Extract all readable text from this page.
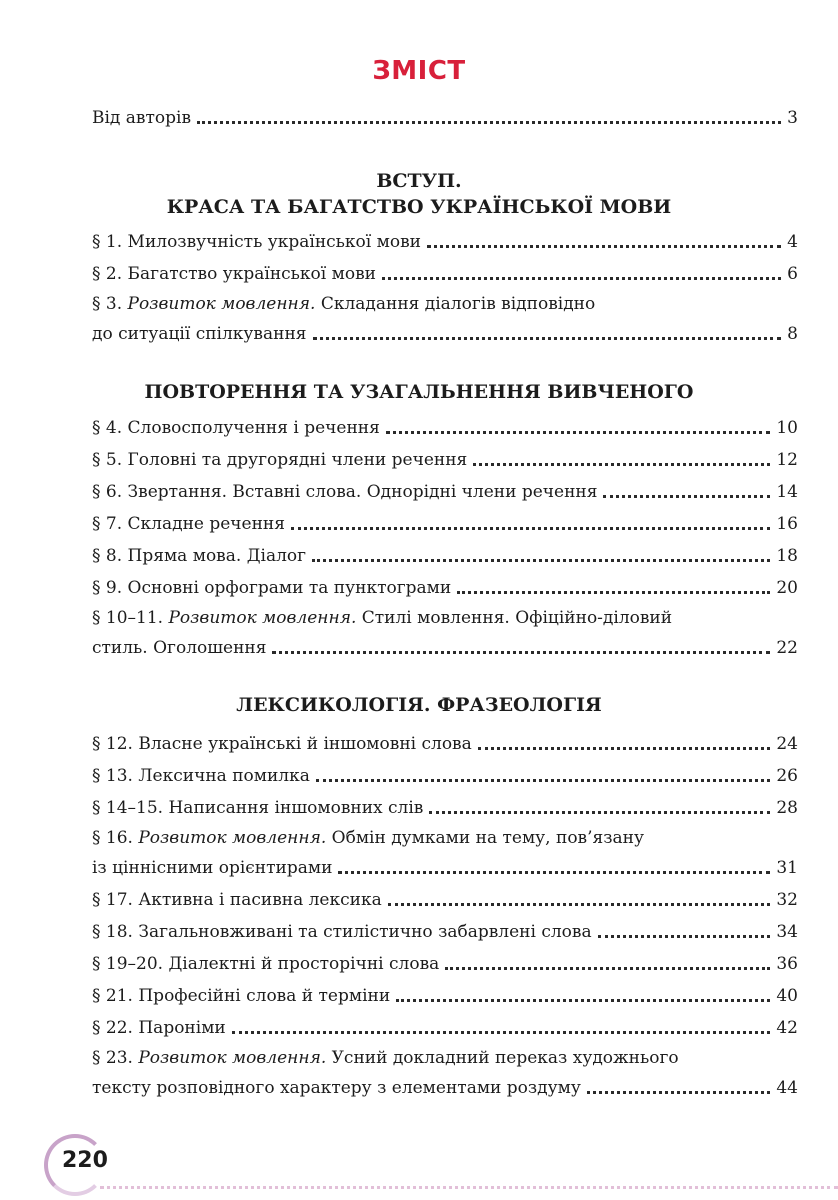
ЗМІСТ
Від авторів	3
ВСТУП.
КРАСА ТА БАГАТСТВО УКРАЇНСЬКОЇ МОВИ
§ 1. Милозвучність української мови	4
§ 2. Багатство української мови	6
§ 3. Розвиток мовлення. Складання діалогів відповідно
до ситуації спілкування	8
ПОВТОРЕННЯ ТА УЗАГАЛЬНЕННЯ ВИВЧЕНОГО
§ 4. Словосполучення і речення	10
§ 5. Головні та другорядні члени речення	12
§ 6. Звертання. Вставні слова. Однорідні члени речення	14
§ 7. Складне речення	16
§ 8. Пряма мова. Діалог	18
§ 9. Основні орфограми та пунктограми	20
§ 10–11. Розвиток мовлення. Стилі мовлення. Офіційно-діловий
стиль. Оголошення	22
ЛЕКСИКОЛОГІЯ. ФРАЗЕОЛОГІЯ
§ 12. Власне українські й іншомовні слова	24
§ 13. Лексична помилка	26
§ 14–15. Написання іншомовних слів	28
§ 16. Розвиток мовлення. Обмін думками на тему, пов’язану
із ціннісними орієнтирами	31
§ 17. Активна і пасивна лексика	32
§ 18. Загальновживані та стилістично забарвлені слова	34
§ 19–20. Діалектні й просторічні слова	36
§ 21. Професійні слова й терміни	40
§ 22. Пароніми	42
§ 23. Розвиток мовлення. Усний докладний переказ художнього
тексту розповідного характеру з елементами роздуму	44
220
